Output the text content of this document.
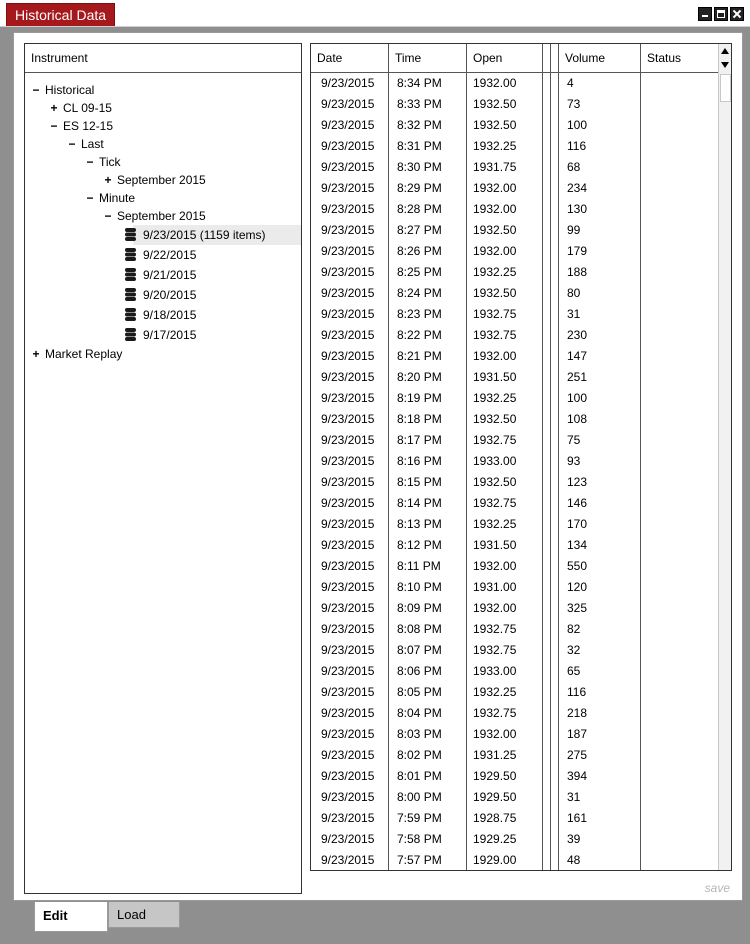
Historical Data
Instrument
− Historical
+ CL 09-15
− ES 12-15
− Last
− Tick
+ September 2015
− Minute
− September 2015
9/23/2015 (1159 items)
9/22/2015
9/21/2015
9/20/2015
9/18/2015
9/17/2015
+ Market Replay
Date	Time	Open	Volume	Status
9/23/2015 8:34 PM	1932.00	4
9/23/2015 8:33 PM	1932.50	73
9/23/2015 8:32 PM	1932.50	100
9/23/2015 8:31 PM	1932.25	116
9/23/2015 8:30 PM	1931.75	68
9/23/2015 8:29 PM	1932.00	234
9/23/2015 8:28 PM	1932.00	130
9/23/2015 8:27 PM	1932.50	99
9/23/2015 8:26 PM	1932.00	179
9/23/2015 8:25 PM	1932.25	188
9/23/2015 8:24 PM	1932.50	80
9/23/2015 8:23 PM	1932.75	31
9/23/2015 8:22 PM	1932.75	230
9/23/2015 8:21 PM	1932.00	147
9/23/2015 8:20 PM	1931.50	251
9/23/2015 8:19 PM	1932.25	100
9/23/2015 8:18 PM	1932.50	108
9/23/2015 8:17 PM	1932.75	75
9/23/2015 8:16 PM	1933.00	93
9/23/2015 8:15 PM	1932.50	123
9/23/2015 8:14 PM	1932.75	146
9/23/2015 8:13 PM	1932.25	170
9/23/2015 8:12 PM	1931.50	134
9/23/2015 8:11 PM	1932.00	550
9/23/2015 8:10 PM	1931.00	120
9/23/2015 8:09 PM	1932.00	325
9/23/2015 8:08 PM	1932.75	82
9/23/2015 8:07 PM	1932.75	32
9/23/2015 8:06 PM	1933.00	65
9/23/2015 8:05 PM	1932.25	116
9/23/2015 8:04 PM	1932.75	218
9/23/2015 8:03 PM	1932.00	187
9/23/2015 8:02 PM	1931.25	275
9/23/2015 8:01 PM	1929.50	394
9/23/2015 8:00 PM	1929.50	31
9/23/2015 7:59 PM	1928.75	161
9/23/2015 7:58 PM	1929.25	39
9/23/2015 7:57 PM	1929.00	48
save
Edit	Load
